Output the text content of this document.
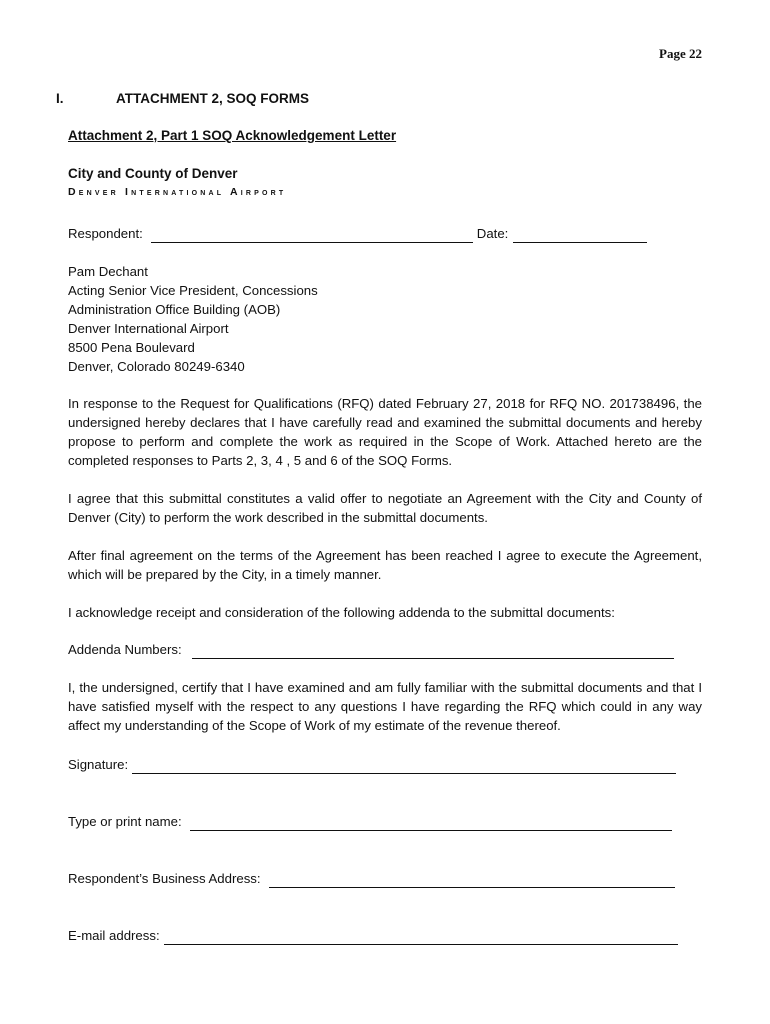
Page 22
I.	ATTACHMENT 2, SOQ FORMS
Attachment 2, Part 1 SOQ Acknowledgement Letter
City and County of Denver
Denver International Airport
Respondent:	Date:
Pam Dechant
Acting Senior Vice President, Concessions
Administration Office Building (AOB)
Denver International Airport
8500 Pena Boulevard
Denver, Colorado 80249-6340
In response to the Request for Qualifications (RFQ) dated February 27, 2018 for RFQ NO. 201738496, the undersigned hereby declares that I have carefully read and examined the submittal documents and hereby propose to perform and complete the work as required in the Scope of Work. Attached hereto are the completed responses to Parts 2, 3, 4 , 5 and 6 of the SOQ Forms.
I agree that this submittal constitutes a valid offer to negotiate an Agreement with the City and County of Denver (City) to perform the work described in the submittal documents.
After final agreement on the terms of the Agreement has been reached I agree to execute the Agreement, which will be prepared by the City, in a timely manner.
I acknowledge receipt and consideration of the following addenda to the submittal documents:
Addenda Numbers:
I, the undersigned, certify that I have examined and am fully familiar with the submittal documents and that I have satisfied myself with the respect to any questions I have regarding the RFQ which could in any way affect my understanding of the Scope of Work of my estimate of the revenue thereof.
Signature:
Type or print name:
Respondent’s Business Address:
E-mail address:
